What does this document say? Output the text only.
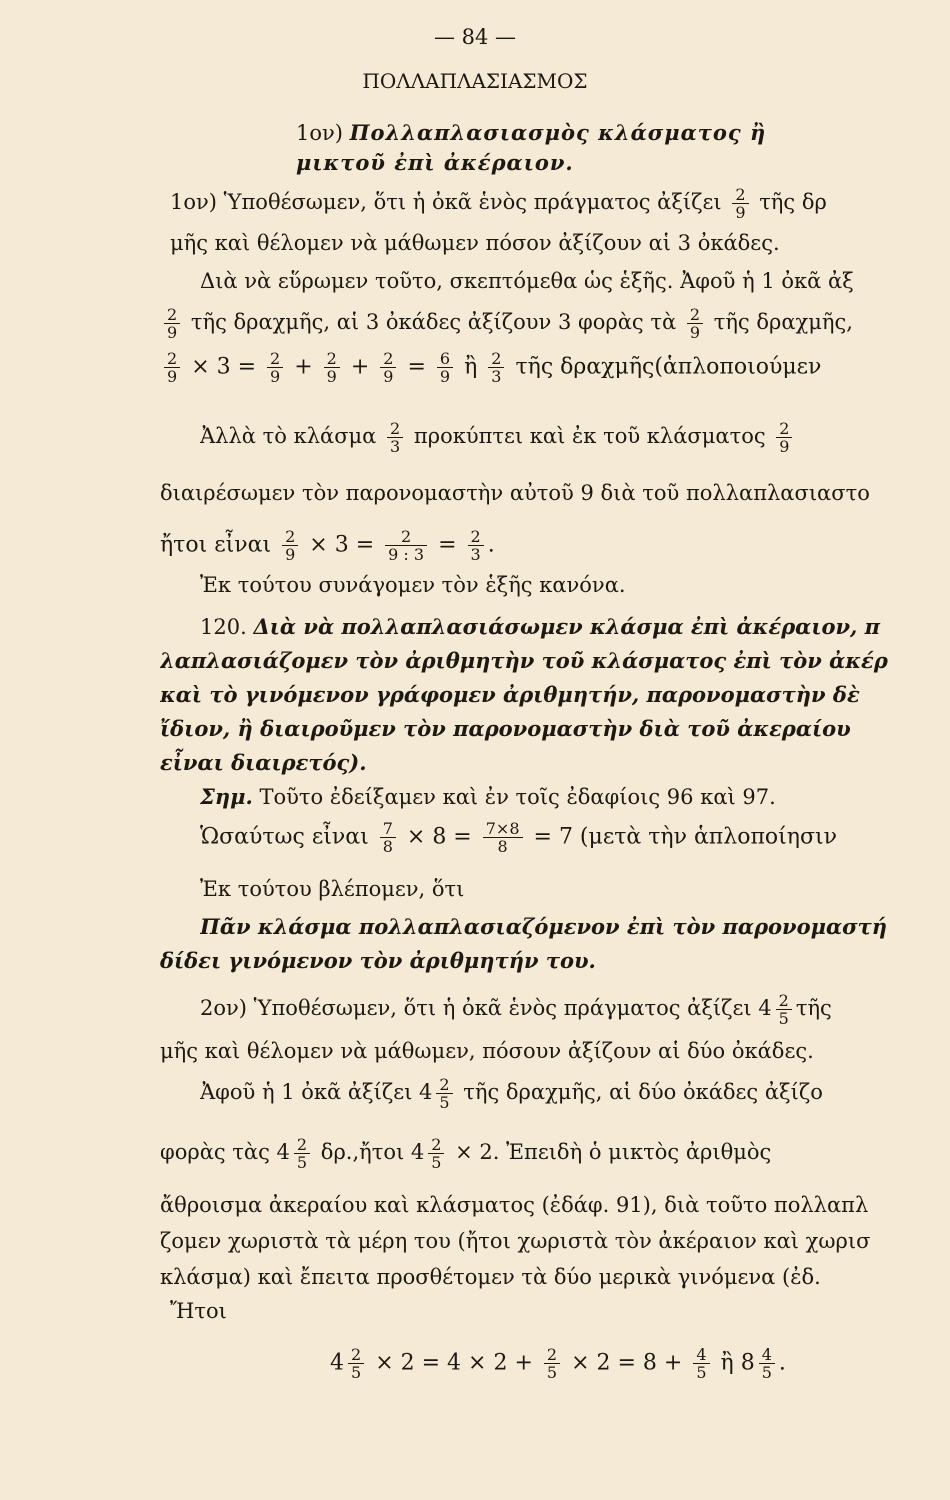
— 84 —
ΠΟΛΛΑΠΛΑΣΙΑΣΜΟΣ
1ον) Πολλαπλασιασμὸς κλάσματος ἢ
μικτοῦ ἐπὶ ἀκέραιον.
1ον) Ὑποθέσωμεν, ὅτι ἡ ὀκᾶ ἑνὸς πράγματος ἀξίζει $\frac{2}{9}$ τῆς δρ
μῆς καὶ θέλομεν νὰ μάθωμεν πόσον ἀξίζουν αἱ 3 ὀκάδες.
Διὰ νὰ εὕρωμεν τοῦτο, σκεπτόμεθα ὡς ἑξῆς. Ἀφοῦ ἡ 1 ὀκᾶ ἀξ
$\frac{2}{9}$ τῆς δραχμῆς, αἱ 3 ὀκάδες ἀξίζουν 3 φορὰς τὰ $\frac{2}{9}$ τῆς δραχμῆς,
$\frac{2}{9} \times 3 = \frac{2}{9} + \frac{2}{9} + \frac{2}{9} = \frac{6}{9}$ ἢ $\frac{2}{3}$ τῆς δραχμῆς(ἁπλοποιούμεν
Ἀλλὰ τὸ κλάσμα $\frac{2}{3}$ προκύπτει καὶ ἐκ τοῦ κλάσματος $\frac{2}{9}$
διαιρέσωμεν τὸν παρονομαστὴν αὐτοῦ 9 διὰ τοῦ πολλαπλασιαστο
ἤτοι εἶναι $\frac{2}{9} \times 3 = \frac{2}{9 : 3} = \frac{2}{3}$ .
Ἐκ τούτου συνάγομεν τὸν ἑξῆς κανόνα.
120. Διὰ νὰ πολλαπλασιάσωμεν κλάσμα ἐπὶ ἀκέραιον, π
λαπλασιάζομεν τὸν ἀριθμητὴν τοῦ κλάσματος ἐπὶ τὸν ἀκέρ
καὶ τὸ γινόμενον γράφομεν ἀριθμητήν, παρονομαστὴν δὲ
ἴδιον, ἢ διαιροῦμεν τὸν παρονομαστὴν διὰ τοῦ ἀκεραίου
εἶναι διαιρετός).
Σημ. Τοῦτο ἐδείξαμεν καὶ ἐν τοῖς ἐδαφίοις 96 καὶ 97.
Ὡσαύτως εἶναι $\frac{7}{8} \times 8 = \frac{7\times 8}{8} = 7$ (μετὰ τὴν ἁπλοποίησιν
Ἐκ τούτου βλέπομεν, ὅτι
Πᾶν κλάσμα πολλαπλασιαζόμενον ἐπὶ τὸν παρονομαστή
δίδει γινόμενον τὸν ἀριθμητήν του.
2ον) Ὑποθέσωμεν, ὅτι ἡ ὀκᾶ ἑνὸς πράγματος ἀξίζει $4 \frac{2}{5}$ τῆς
μῆς καὶ θέλομεν νὰ μάθωμεν, πόσουν ἀξίζουν αἱ δύο ὀκάδες.
Ἀφοῦ ἡ 1 ὀκᾶ ἀξίζει $4 \frac{2}{5}$ τῆς δραχμῆς, αἱ δύο ὀκάδες ἀξίζο
φορὰς τὰς $4 \frac{2}{5}$ δρ.,ἤτοι $4 \frac{2}{5} \times 2$. Ἐπειδὴ ὁ μικτὸς ἀριθμὸς
ἄθροισμα ἀκεραίου καὶ κλάσματος (ἐδάφ. 91), διὰ τοῦτο πολλαπλ
ζομεν χωριστὰ τὰ μέρη του (ἤτοι χωριστὰ τὸν ἀκέραιον καὶ χωρισ
κλάσμα) καὶ ἔπειτα προσθέτομεν τὰ δύο μερικὰ γινόμενα (ἐδ.
Ἤτοι
$4 \frac{2}{5} \times 2 = 4 \times 2 + \frac{2}{5} \times 2 = 8 + \frac{4}{5}$ ἢ $8 \frac{4}{5}$ .
